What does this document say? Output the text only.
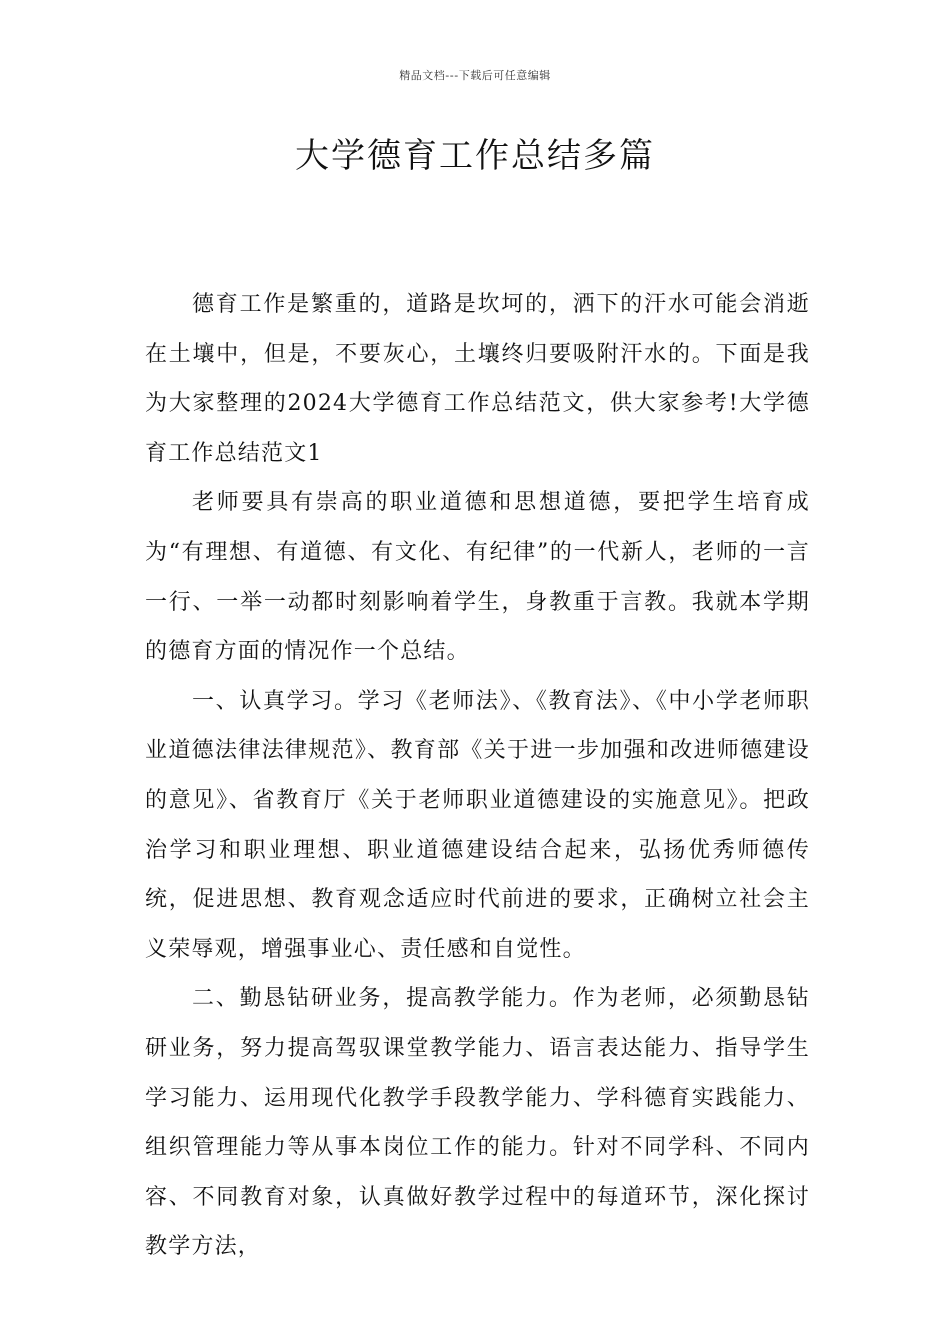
精品文档---下载后可任意编辑
大学德育工作总结多篇

德育工作是繁重的，道路是坎坷的，洒下的汗水可能会消逝在土壤中，但是，不要灰心，土壤终归要吸附汗水的。下面是我为大家整理的2024大学德育工作总结范文，供大家参考!大学德育工作总结范文1

老师要具有崇高的职业道德和思想道德，要把学生培育成为“有理想、有道德、有文化、有纪律”的一代新人，老师的一言一行、一举一动都时刻影响着学生，身教重于言教。我就本学期的德育方面的情况作一个总结。

一、认真学习。学习《老师法》、《教育法》、《中小学老师职业道德法律法律规范》、教育部《关于进一步加强和改进师德建设的意见》、省教育厅《关于老师职业道德建设的实施意见》。把政治学习和职业理想、职业道德建设结合起来，弘扬优秀师德传统，促进思想、教育观念适应时代前进的要求，正确树立社会主义荣辱观，增强事业心、责任感和自觉性。

二、勤恳钻研业务，提高教学能力。作为老师，必须勤恳钻研业务，努力提高驾驭课堂教学能力、语言表达能力、指导学生学习能力、运用现代化教学手段教学能力、学科德育实践能力、组织管理能力等从事本岗位工作的能力。针对不同学科、不同内容、不同教育对象，认真做好教学过程中的每道环节，深化探讨教学方法，
